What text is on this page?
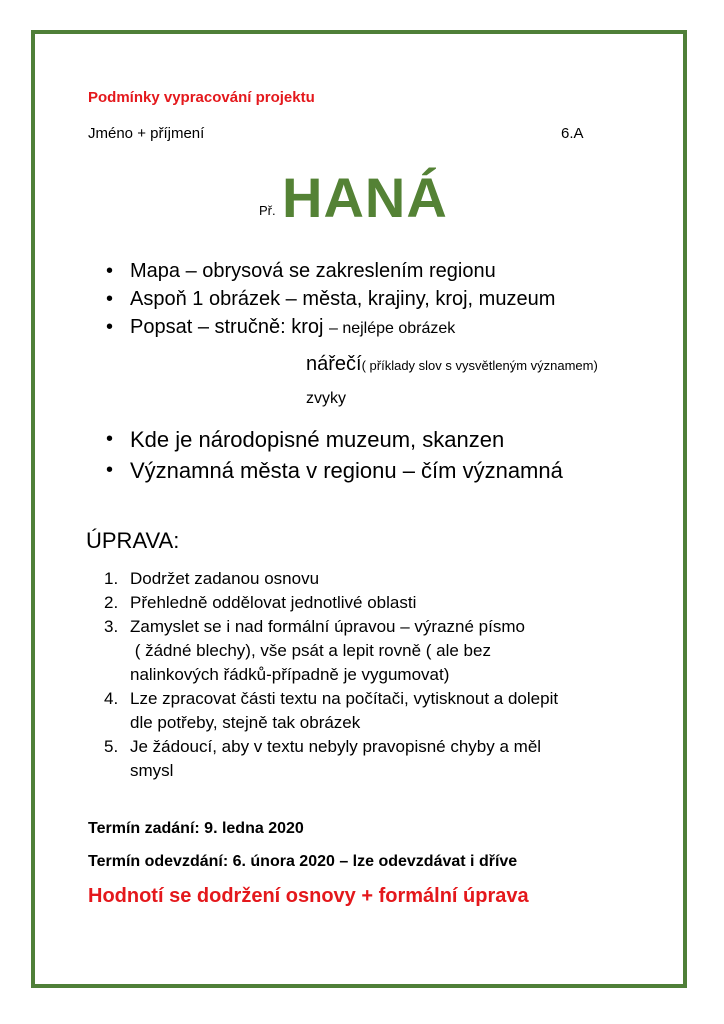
Podmínky vypracování projektu
Jméno + příjmení	6.A
Př. HANÁ
• Mapa – obrysová se zakreslením regionu
• Aspoň 1 obrázek – města, krajiny, kroj, muzeum
• Popsat – stručně: kroj – nejlépe obrázek
nářečí( příklady slov s vysvětleným významem)
zvyky
• Kde je národopisné muzeum, skanzen
• Významná města v regionu – čím významná
ÚPRAVA:
1. Dodržet zadanou osnovu
2. Přehledně oddělovat jednotlivé oblasti
3. Zamyslet se i nad formální úpravou – výrazné písmo
( žádné blechy), vše psát a lepit rovně ( ale bez
nalinkových řádků-případně je vygumovat)
4. Lze zpracovat části textu na počítači, vytisknout a dolepit
dle potřeby, stejně tak obrázek
5. Je žádoucí, aby v textu nebyly pravopisné chyby a měl
smysl
Termín zadání: 9. ledna 2020
Termín odevzdání: 6. února 2020 – lze odevzdávat i dříve
Hodnotí se dodržení osnovy + formální úprava
